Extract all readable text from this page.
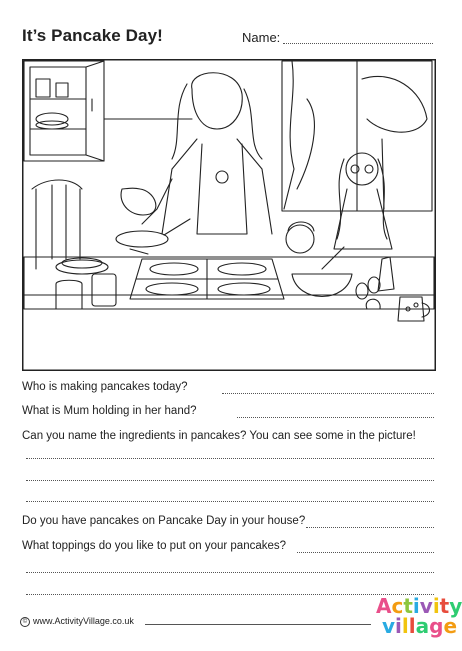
It’s Pancake Day!	Name:
Who is making pancakes today?
What is Mum holding in her hand?
Can you name the ingredients in pancakes? You can see some in the picture!
Do you have pancakes on Pancake Day in your house?
What toppings do you like to put on your pancakes?
© www.ActivityVillage.co.uk
Activity
village
